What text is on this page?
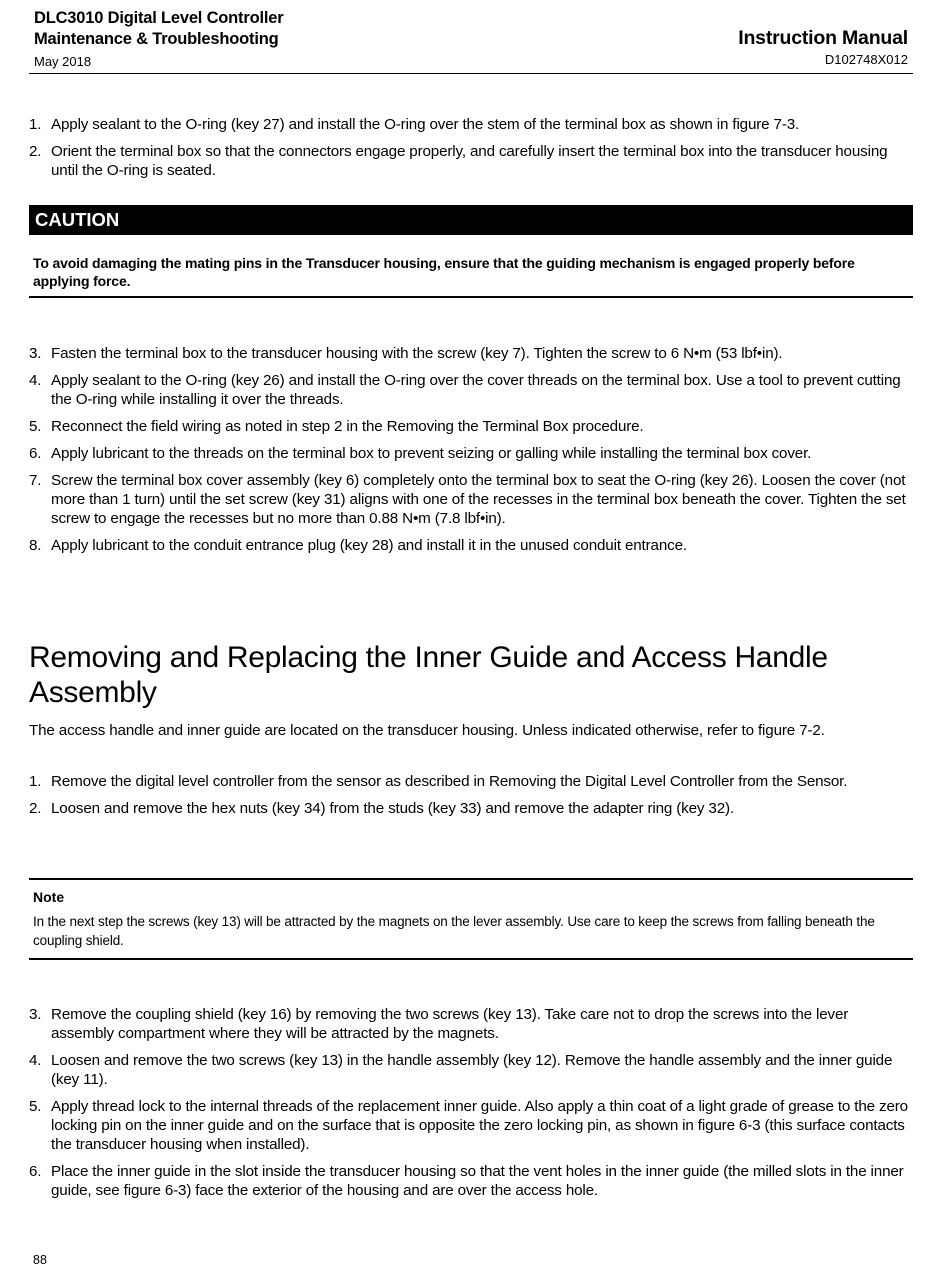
DLC3010 Digital Level Controller
Maintenance & Troubleshooting
May 2018
Instruction Manual
D102748X012
1. Apply sealant to the O-ring (key 27) and install the O-ring over the stem of the terminal box as shown in figure 7-3.
2. Orient the terminal box so that the connectors engage properly, and carefully insert the terminal box into the transducer housing until the O-ring is seated.
CAUTION
To avoid damaging the mating pins in the Transducer housing, ensure that the guiding mechanism is engaged properly before applying force.
3. Fasten the terminal box to the transducer housing with the screw (key 7). Tighten the screw to 6 N•m (53 lbf•in).
4. Apply sealant to the O-ring (key 26) and install the O-ring over the cover threads on the terminal box. Use a tool to prevent cutting the O-ring while installing it over the threads.
5. Reconnect the field wiring as noted in step 2 in the Removing the Terminal Box procedure.
6. Apply lubricant to the threads on the terminal box to prevent seizing or galling while installing the terminal box cover.
7. Screw the terminal box cover assembly (key 6) completely onto the terminal box to seat the O-ring (key 26). Loosen the cover (not more than 1 turn) until the set screw (key 31) aligns with one of the recesses in the terminal box beneath the cover. Tighten the set screw to engage the recesses but no more than 0.88 N•m (7.8 lbf•in).
8. Apply lubricant to the conduit entrance plug (key 28) and install it in the unused conduit entrance.
Removing and Replacing the Inner Guide and Access Handle Assembly
The access handle and inner guide are located on the transducer housing. Unless indicated otherwise, refer to figure 7-2.
1. Remove the digital level controller from the sensor as described in Removing the Digital Level Controller from the Sensor.
2. Loosen and remove the hex nuts (key 34) from the studs (key 33) and remove the adapter ring (key 32).
Note
In the next step the screws (key 13) will be attracted by the magnets on the lever assembly. Use care to keep the screws from falling beneath the coupling shield.
3. Remove the coupling shield (key 16) by removing the two screws (key 13). Take care not to drop the screws into the lever assembly compartment where they will be attracted by the magnets.
4. Loosen and remove the two screws (key 13) in the handle assembly (key 12). Remove the handle assembly and the inner guide (key 11).
5. Apply thread lock to the internal threads of the replacement inner guide. Also apply a thin coat of a light grade of grease to the zero locking pin on the inner guide and on the surface that is opposite the zero locking pin, as shown in figure 6-3 (this surface contacts the transducer housing when installed).
6. Place the inner guide in the slot inside the transducer housing so that the vent holes in the inner guide (the milled slots in the inner guide, see figure 6-3) face the exterior of the housing and are over the access hole.
88
